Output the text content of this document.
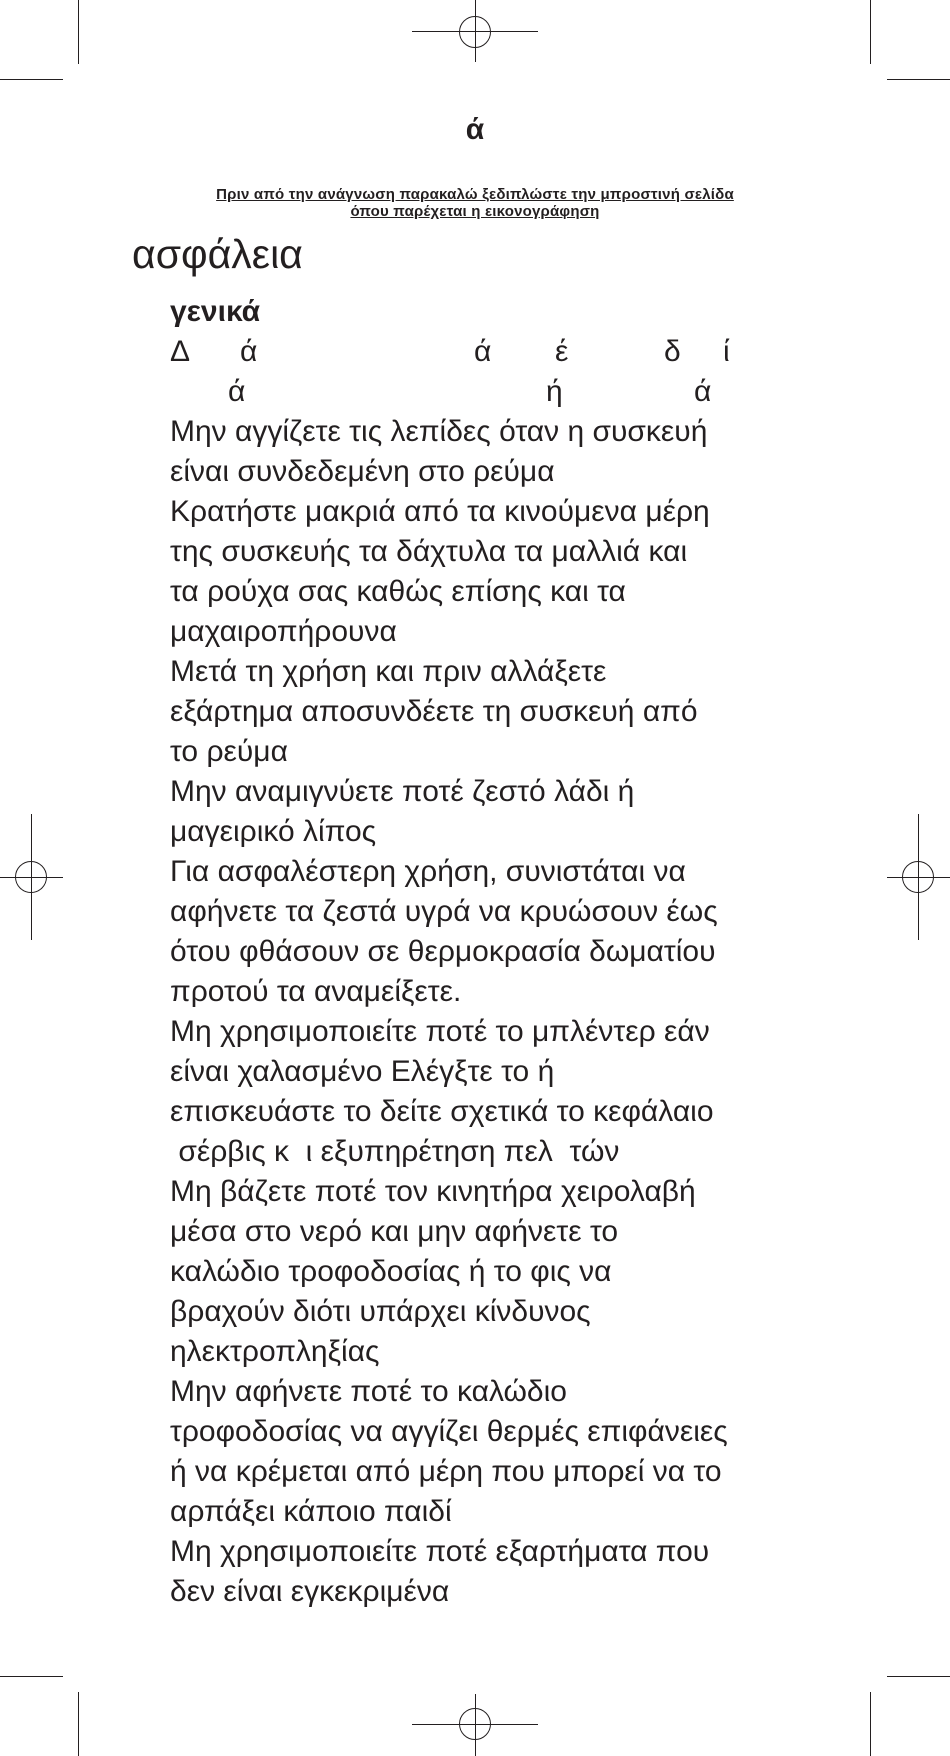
ά
Πριν από την ανάγνωση παρακαλώ ξεδιπλώστε την μπροστινή σελίδα
όπου παρέχεται η εικονογράφηση
ασφάλεια
γενικά
Δ ά	ά έ	δ ί
ά	ή	ά
Μην αγγίζετε τις λεπίδες όταν η συσκευή
είναι συνδεδεμένη στο ρεύμα
Κρατήστε μακριά από τα κινούμενα μέρη
της συσκευής τα δάχτυλα τα μαλλιά και
τα ρούχα σας καθώς επίσης και τα
μαχαιροπήρουνα
Μετά τη χρήση και πριν αλλάξετε
εξάρτημα αποσυνδέετε τη συσκευή από
το ρεύμα
Μην αναμιγνύετε ποτέ ζεστό λάδι ή
μαγειρικό λίπος
Για ασφαλέστερη χρήση, συνιστάται να
αφήνετε τα ζεστά υγρά να κρυώσουν έως
ότου φθάσουν σε θερμοκρασία δωματίου
προτού τα αναμείξετε.
Μη χρησιμοποιείτε ποτέ το μπλέντερ εάν
είναι χαλασμένο Ελέγξτε το ή
επισκευάστε το δείτε σχετικά το κεφάλαιο
σέρβις κ  ι εξυπηρέτηση πελ  τών
Μη βάζετε ποτέ τον κινητήρα χειρολαβή
μέσα στο νερό και μην αφήνετε το
καλώδιο τροφοδοσίας ή το φις να
βραχούν διότι υπάρχει κίνδυνος
ηλεκτροπληξίας
Μην αφήνετε ποτέ το καλώδιο
τροφοδοσίας να αγγίζει θερμές επιφάνειες
ή να κρέμεται από μέρη που μπορεί να το
αρπάξει κάποιο παιδί
Μη χρησιμοποιείτε ποτέ εξαρτήματα που
δεν είναι εγκεκριμένα
